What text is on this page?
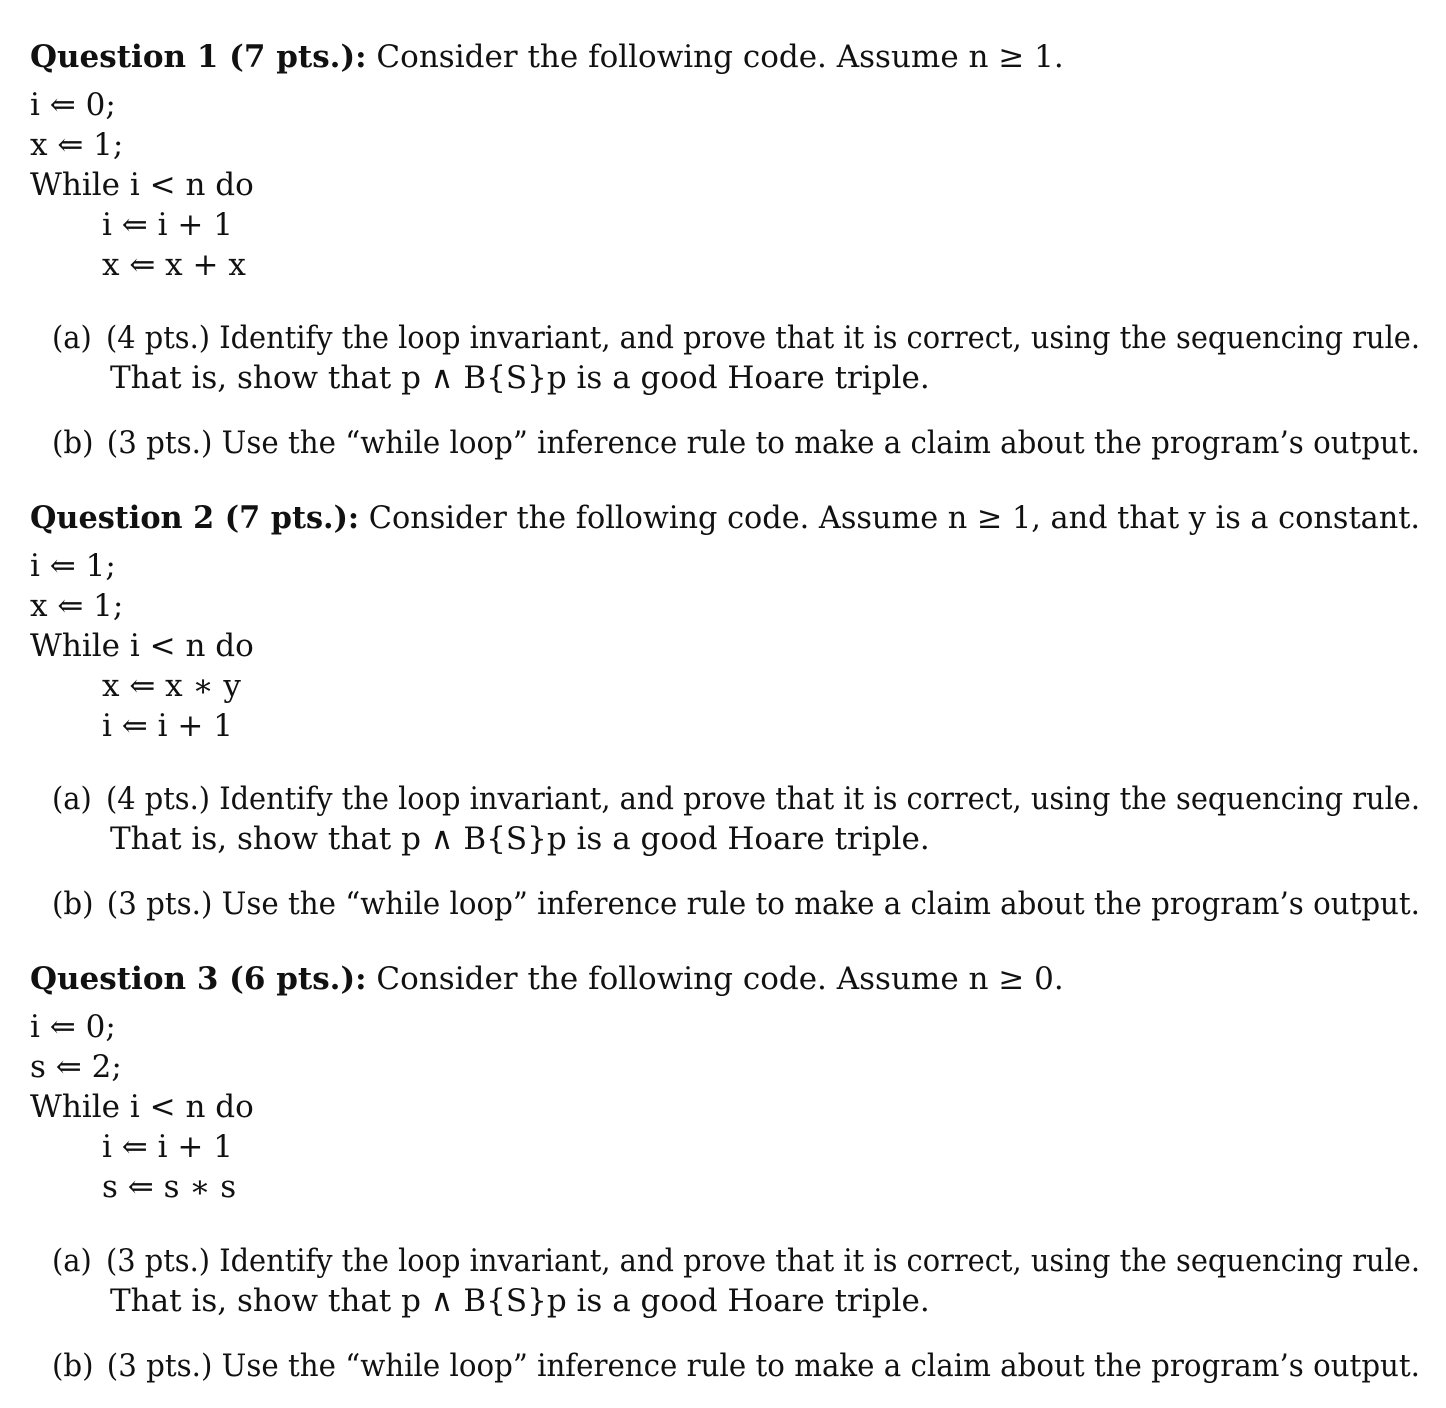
Question 1 (7 pts.): Consider the following code. Assume n ≥ 1.
i ⇐ 0;
x ⇐ 1;
While i < n do
i ⇐ i + 1
x ⇐ x + x
(a) (4 pts.) Identify the loop invariant, and prove that it is correct, using the sequencing rule.
That is, show that p ∧ B{S}p is a good Hoare triple.
(b) (3 pts.) Use the “while loop” inference rule to make a claim about the program’s output.
Question 2 (7 pts.): Consider the following code. Assume n ≥ 1, and that y is a constant.
i ⇐ 1;
x ⇐ 1;
While i < n do
x ⇐ x ∗ y
i ⇐ i + 1
(a) (4 pts.) Identify the loop invariant, and prove that it is correct, using the sequencing rule.
That is, show that p ∧ B{S}p is a good Hoare triple.
(b) (3 pts.) Use the “while loop” inference rule to make a claim about the program’s output.
Question 3 (6 pts.): Consider the following code. Assume n ≥ 0.
i ⇐ 0;
s ⇐ 2;
While i < n do
i ⇐ i + 1
s ⇐ s ∗ s
(a) (3 pts.) Identify the loop invariant, and prove that it is correct, using the sequencing rule.
That is, show that p ∧ B{S}p is a good Hoare triple.
(b) (3 pts.) Use the “while loop” inference rule to make a claim about the program’s output.
